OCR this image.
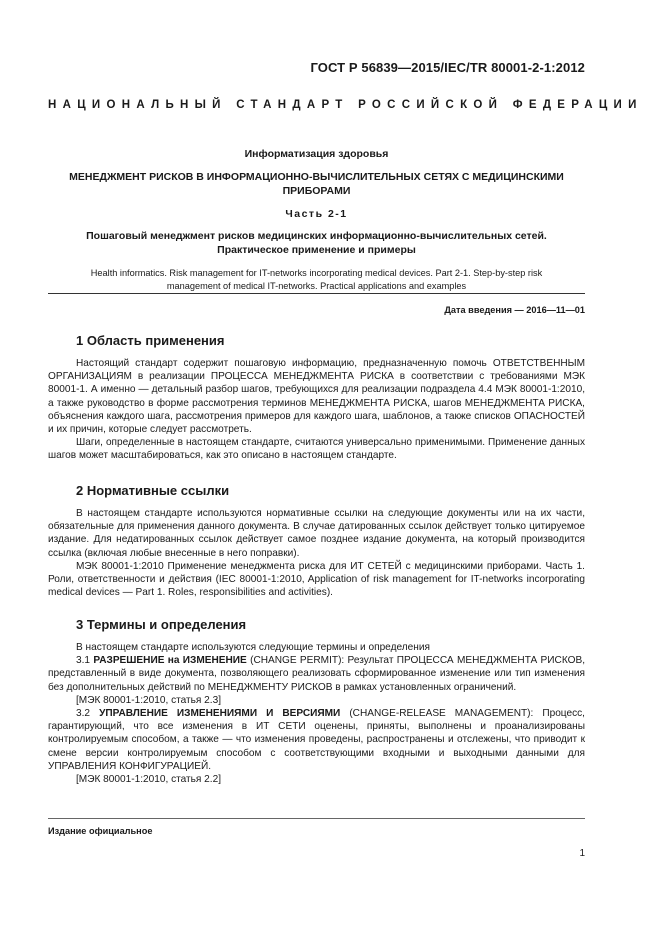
ГОСТ Р 56839—2015/IEC/TR 80001-2-1:2012
НАЦИОНАЛЬНЫЙ СТАНДАРТ РОССИЙСКОЙ ФЕДЕРАЦИИ
Информатизация здоровья
МЕНЕДЖМЕНТ РИСКОВ В ИНФОРМАЦИОННО-ВЫЧИСЛИТЕЛЬНЫХ СЕТЯХ С МЕДИЦИНСКИМИ
ПРИБОРАМИ
Часть 2-1
Пошаговый менеджмент рисков медицинских информационно-вычислительных сетей.
Практическое применение и примеры
Health informatics. Risk management for IT-networks incorporating medical devices. Part 2-1. Step-by-step risk
management of medical IT-networks. Practical applications and examples
Дата введения — 2016—11—01
1 Область применения

Настоящий стандарт содержит пошаговую информацию, предназначенную помочь ОТВЕТСТВЕННЫМ ОРГАНИЗАЦИЯМ в реализации ПРОЦЕССА МЕНЕДЖМЕНТА РИСКА в соответствии с требованиями МЭК 80001-1. А именно — детальный разбор шагов, требующихся для реализации подраздела 4.4 МЭК 80001-1:2010, а также руководство в форме рассмотрения терминов МЕНЕДЖМЕНТА РИСКА, шагов МЕНЕДЖМЕНТА РИСКА, объяснения каждого шага, рассмотрения примеров для каждого шага, шаблонов, а также списков ОПАСНОСТЕЙ и их причин, которые следует рассмотреть.

Шаги, определенные в настоящем стандарте, считаются универсально применимыми. Применение данных шагов может масштабироваться, как это описано в настоящем стандарте.

2 Нормативные ссылки

В настоящем стандарте используются нормативные ссылки на следующие документы или на их части, обязательные для применения данного документа. В случае датированных ссылок действует только цитируемое издание. Для недатированных ссылок действует самое позднее издание документа, на который производится ссылка (включая любые внесенные в него поправки).

МЭК 80001-1:2010 Применение менеджмента риска для ИТ СЕТЕЙ с медицинскими приборами. Часть 1. Роли, ответственности и действия (IEC 80001-1:2010, Application of risk management for IT-networks incorporating medical devices — Part 1. Roles, responsibilities and activities).

3 Термины и определения

В настоящем стандарте используются следующие термины и определения

3.1 РАЗРЕШЕНИЕ на ИЗМЕНЕНИЕ (CHANGE PERMIT): Результат ПРОЦЕССА МЕНЕДЖМЕНТА РИСКОВ, представленный в виде документа, позволяющего реализовать сформированное изменение или тип изменения без дополнительных действий по МЕНЕДЖМЕНТУ РИСКОВ в рамках установленных ограничений.

[МЭК 80001-1:2010, статья 2.3]

3.2 УПРАВЛЕНИЕ ИЗМЕНЕНИЯМИ И ВЕРСИЯМИ (CHANGE-RELEASE MANAGEMENT): Процесс, гарантирующий, что все изменения в ИТ СЕТИ оценены, приняты, выполнены и проанализированы контролируемым способом, а также — что изменения проведены, распространены и отслежены, что приводит к смене версии контролируемым способом с соответствующими входными и выходными данными для УПРАВЛЕНИЯ КОНФИГУРАЦИЕЙ.

[МЭК 80001-1:2010, статья 2.2]

Издание официальное
1
